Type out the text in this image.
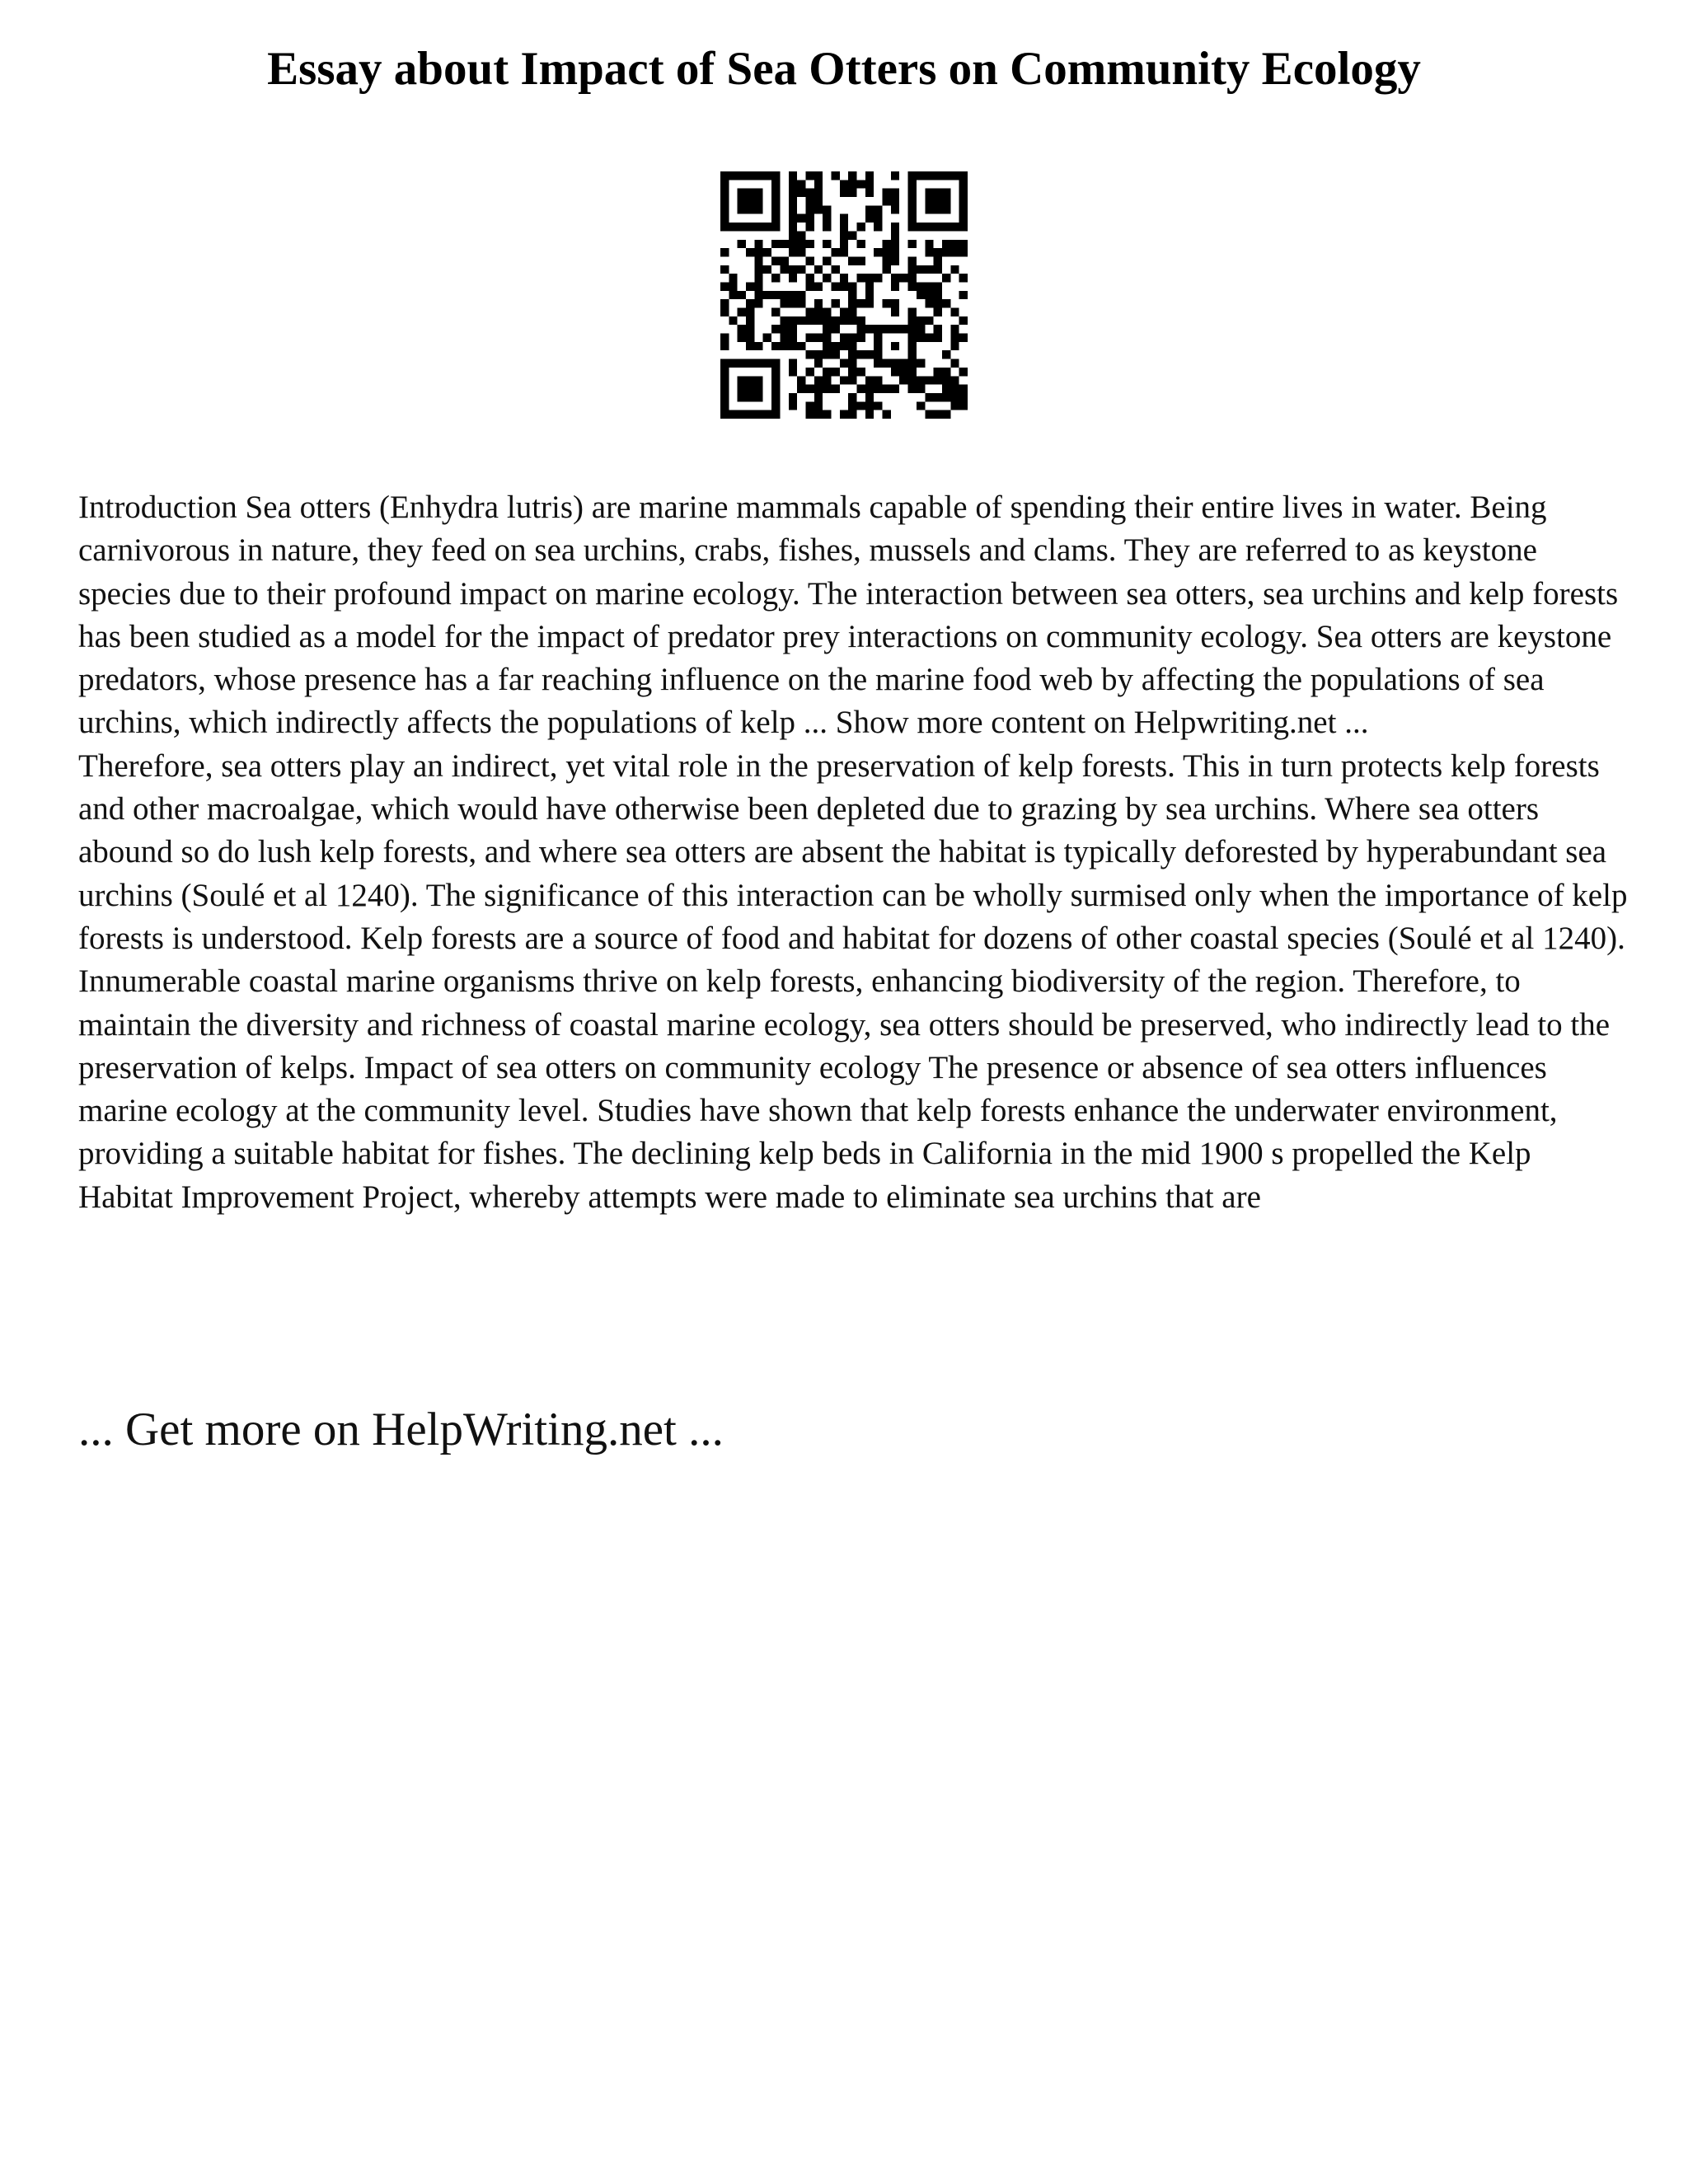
Essay about Impact of Sea Otters on Community Ecology

Introduction Sea otters (Enhydra lutris) are marine mammals capable of spending their entire lives in water. Being carnivorous in nature, they feed on sea urchins, crabs, fishes, mussels and clams. They are referred to as keystone species due to their profound impact on marine ecology. The interaction between sea otters, sea urchins and kelp forests has been studied as a model for the impact of predator prey interactions on community ecology. Sea otters are keystone predators, whose presence has a far reaching influence on the marine food web by affecting the populations of sea urchins, which indirectly affects the populations of kelp ... Show more content on Helpwriting.net ...

Therefore, sea otters play an indirect, yet vital role in the preservation of kelp forests. This in turn protects kelp forests and other macroalgae, which would have otherwise been depleted due to grazing by sea urchins. Where sea otters abound so do lush kelp forests, and where sea otters are absent the habitat is typically deforested by hyperabundant sea urchins (Soulé et al 1240). The significance of this interaction can be wholly surmised only when the importance of kelp forests is understood. Kelp forests are a source of food and habitat for dozens of other coastal species (Soulé et al 1240). Innumerable coastal marine organisms thrive on kelp forests, enhancing biodiversity of the region. Therefore, to maintain the diversity and richness of coastal marine ecology, sea otters should be preserved, who indirectly lead to the preservation of kelps. Impact of sea otters on community ecology The presence or absence of sea otters influences marine ecology at the community level. Studies have shown that kelp forests enhance the underwater environment, providing a suitable habitat for fishes. The declining kelp beds in California in the mid 1900 s propelled the Kelp Habitat Improvement Project, whereby attempts were made to eliminate sea urchins that are

... Get more on HelpWriting.net ...
